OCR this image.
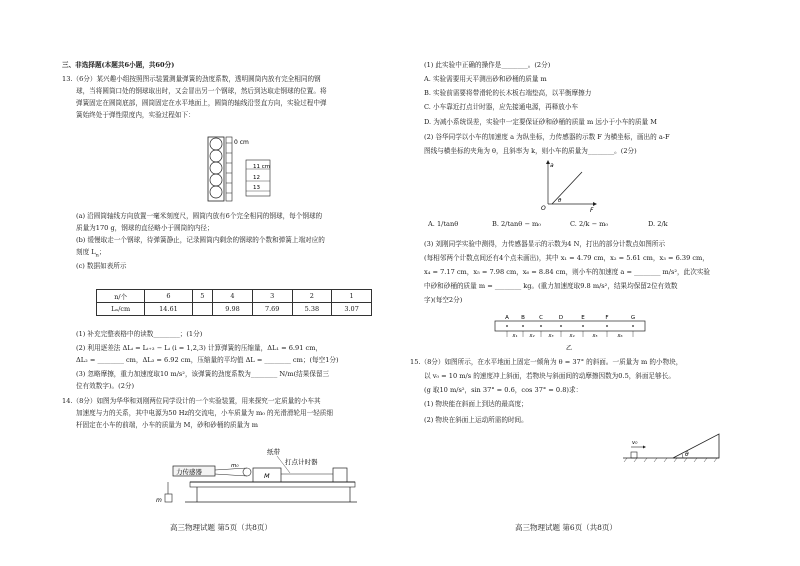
三、非选择题(本题共6小题，共60分)
13.（6分）某兴趣小组按照图示装置测量弹簧的劲度系数，透明圆筒内放有完全相同的钢
球，当将圆筒口处的钢球取出时，又会冒出另一个钢球，然后到达取走钢球的位置。将
弹簧固定在圆筒底部，圆筒固定在水平地面上，圆筒的轴线沿竖直方向，实验过程中弹
簧始终处于弹性限度内，实验过程如下：
0 cm
11 cm
12
13
(a) 沿圆筒轴线方向放置一毫米刻度尺，圆筒内放有6个完全相同的钢球，每个钢球的
质量为170 g，钢球的直径略小于圆筒的内径；
(b) 缓慢取走一个钢球，待弹簧静止，记录圆筒内剩余的钢球的个数和弹簧上端对应的
刻度 $L_n$；
(c) 数据如表所示
n/个	6	5	4	3	2	1
Lₙ/cm	14.61		9.98	7.69	5.38	3.07
(1) 补充完整表格中的读数________；(1分)
(2) 利用逐差法 ΔLᵢ = Lᵢ₊₃ − Lᵢ (i = 1,2,3) 计算弹簧的压缩量，ΔL₁ = 6.91 cm，
ΔL₂ = ________ cm，ΔL₃ = 6.92 cm，压缩量的平均值 ΔL = ________ cm；(每空1分)
(3) 忽略摩擦，重力加速度取10 m/s²，该弹簧的劲度系数为________ N/m(结果保留三
位有效数字)。(2分)
14.（8分）如图为华华和刘刚两位同学设计的一个实验装置，用来探究一定质量的小车其
加速度与力的关系，其中电源为50 Hz的交流电，小车质量为 m₀ 的光滑滑轮用一轻质细
杆固定在小车的前端，小车的质量为 M，砂和砂桶的质量为 m
力传感器
m
M
m₀
纸带
打点计时器
高三物理试题 第5页（共8页）
(1) 此实验中正确的操作是________。(2分)
A. 实验需要用天平测出砂和砂桶的质量 m
B. 实验前需要将带滑轮的长木板右端垫高，以平衡摩擦力
C. 小车靠近打点计时器，应先接通电源，再释放小车
D. 为减小系统误差，实验中一定要保证砂和砂桶的质量 m 远小于小车的质量 M
(2) 谷华同学以小车的加速度 a 为纵坐标，力传感器的示数 F 为横坐标，画出的 a-F
图线与横坐标的夹角为 θ，且斜率为 k，则小车的质量为________。(2分)
a
O
θ
F
A. 1/tanθ	B. 2/tanθ − m₀	C. 2/k − m₀	D. 2/k
(3) 刘刚同学实验中测得，力传感器显示的示数为4 N，打出的部分计数点如图所示
(每相邻两个计数点间还有4个点未画出)，其中 x₁ = 4.79 cm，x₂ = 5.61 cm，x₃ = 6.39 cm，
x₄ = 7.17 cm，x₅ = 7.98 cm，x₆ = 8.84 cm，则小车的加速度 a = ________ m/s²，此次实验
中砂和砂桶的质量 m = ________ kg。(重力加速度取9.8 m/s²，结果均保留2位有效数
字)(每空2分)
A B	C	D	E	F	G
x₁ x₂	x₃	x₄	x₅	x₆
乙
15.（8分）如图所示，在水平地面上固定一倾角为 θ = 37° 的斜面。一质量为 m 的小物块，
以 v₀ = 10 m/s 的速度冲上斜面，若物块与斜面间的动摩擦因数为0.5，斜面足够长。
(g 取10 m/s²，sin 37° = 0.6，cos 37° = 0.8)求：
(1) 物块能在斜面上到达的最高度；
(2) 物块在斜面上运动所需的时间。
θ
v₀
高三物理试题 第6页（共8页）
